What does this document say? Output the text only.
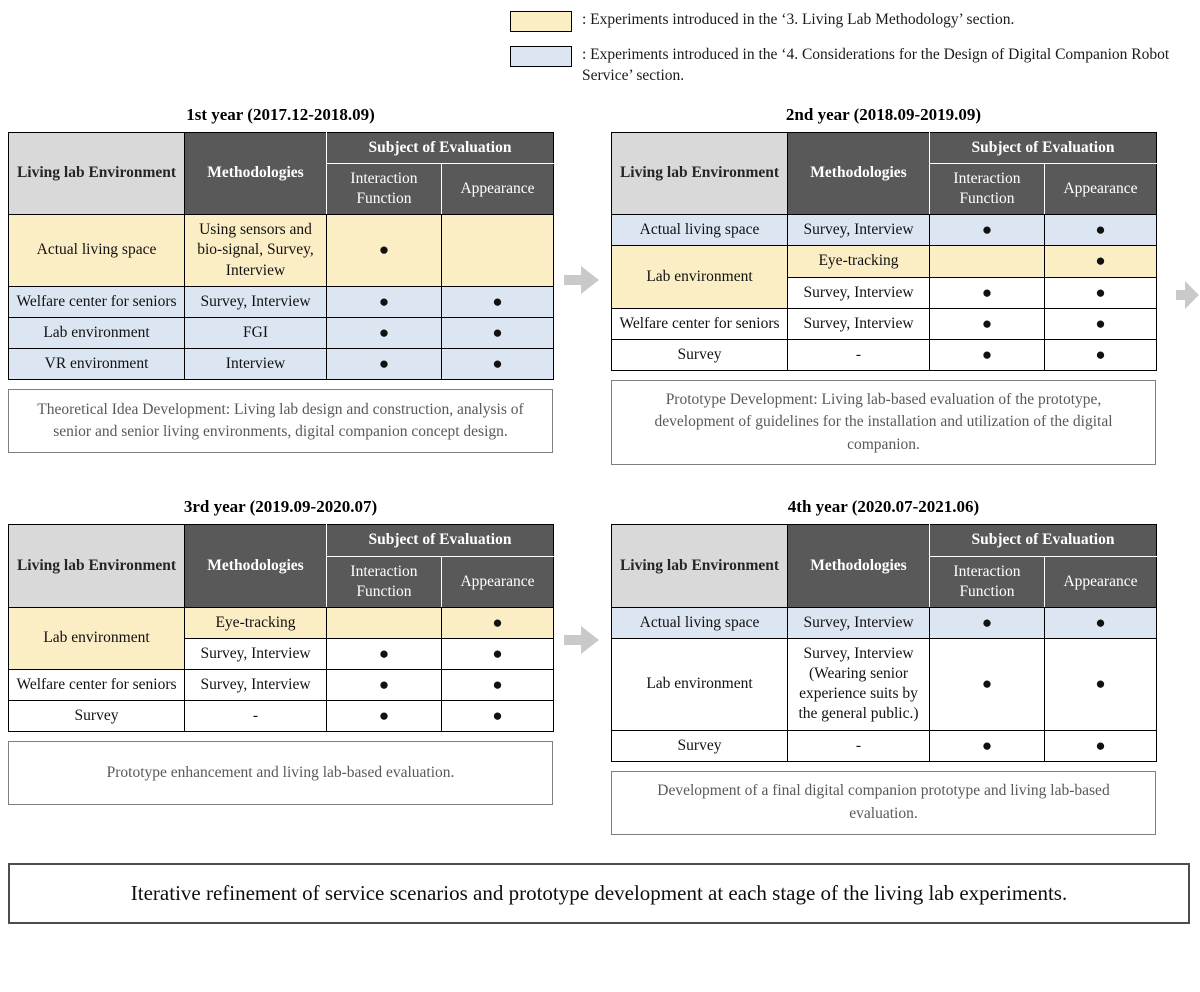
: Experiments introduced in the ‘3. Living Lab Methodology’ section.
: Experiments introduced in the ‘4. Considerations for the Design of Digital Companion Robot Service’ section.
1st year (2017.12-2018.09)
Living lab Environment	Methodologies	Subject of Evaluation	
		Interaction Function	Appearance
Actual living space	Using sensors and bio-signal, Survey, Interview	●	
Welfare center for seniors	Survey, Interview	●	●
Lab environment	FGI	●	●
VR environment	Interview	●	●
Theoretical Idea Development: Living lab design and construction, analysis of senior and senior living environments, digital companion concept design.
2nd year (2018.09-2019.09)
Living lab Environment	Methodologies	Subject of Evaluation	
		Interaction Function	Appearance
Actual living space	Survey, Interview	●	●
Lab environment	Eye-tracking		●
	Survey, Interview	●	●
Welfare center for seniors	Survey, Interview	●	●
Survey	-	●	●
Prototype Development: Living lab-based evaluation of the prototype, development of guidelines for the installation and utilization of the digital companion.
3rd year (2019.09-2020.07)
Living lab Environment	Methodologies	Subject of Evaluation	
		Interaction Function	Appearance
Lab environment	Eye-tracking		●
	Survey, Interview	●	●
Welfare center for seniors	Survey, Interview	●	●
Survey	-	●	●
Prototype enhancement and living lab-based evaluation.
4th year (2020.07-2021.06)
Living lab Environment	Methodologies	Subject of Evaluation	
		Interaction Function	Appearance
Actual living space	Survey, Interview	●	●
Lab environment	Survey, Interview (Wearing senior experience suits by the general public.)	●	●
Survey	-	●	●
Development of a final digital companion prototype and living lab-based evaluation.
Iterative refinement of service scenarios and prototype development at each stage of the living lab experiments.
